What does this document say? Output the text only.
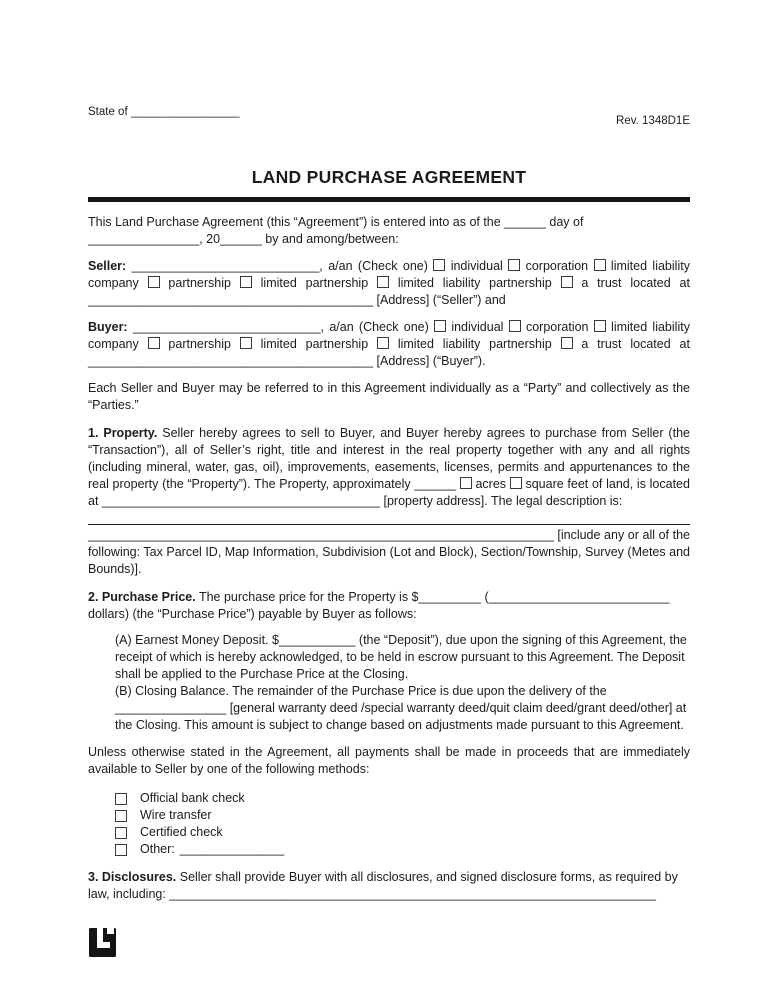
State of _________________
Rev. 1348D1E
LAND PURCHASE AGREEMENT

This Land Purchase Agreement (this “Agreement”) is entered into as of the ______ day of ________________, 20______ by and among/between:

Seller: ___________________________, a/an (Check one) individual corporation limited liability company partnership limited partnership limited liability partnership a trust located at _________________________________________ [Address] (“Seller”) and

Buyer: ___________________________, a/an (Check one) individual corporation limited liability company partnership limited partnership limited liability partnership a trust located at _________________________________________ [Address] (“Buyer”).

Each Seller and Buyer may be referred to in this Agreement individually as a “Party” and collectively as the “Parties.”

1. Property. Seller hereby agrees to sell to Buyer, and Buyer hereby agrees to purchase from Seller (the “Transaction”), all of Seller’s right, title and interest in the real property together with any and all rights (including mineral, water, gas, oil), improvements, easements, licenses, permits and appurtenances to the real property (the “Property”). The Property, approximately ______ acres square feet of land, is located at ________________________________________ [property address]. The legal description is:

___________________________________________________________________ [include any or all of the following: Tax Parcel ID, Map Information, Subdivision (Lot and Block), Section/Township, Survey (Metes and Bounds)].

2. Purchase Price. The purchase price for the Property is $_________ (__________________________ dollars) (the “Purchase Price”) payable by Buyer as follows:

(A) Earnest Money Deposit. $___________ (the “Deposit”), due upon the signing of this Agreement, the receipt of which is hereby acknowledged, to be held in escrow pursuant to this Agreement. The Deposit shall be applied to the Purchase Price at the Closing.

(B) Closing Balance. The remainder of the Purchase Price is due upon the delivery of the ________________ [general warranty deed /special warranty deed/quit claim deed/grant deed/other] at the Closing. This amount is subject to change based on adjustments made pursuant to this Agreement.

Unless otherwise stated in the Agreement, all payments shall be made in proceeds that are immediately available to Seller by one of the following methods:

Official bank check
Wire transfer
Certified check
Other: _______________

3. Disclosures. Seller shall provide Buyer with all disclosures, and signed disclosure forms, as required by law, including: ______________________________________________________________________
